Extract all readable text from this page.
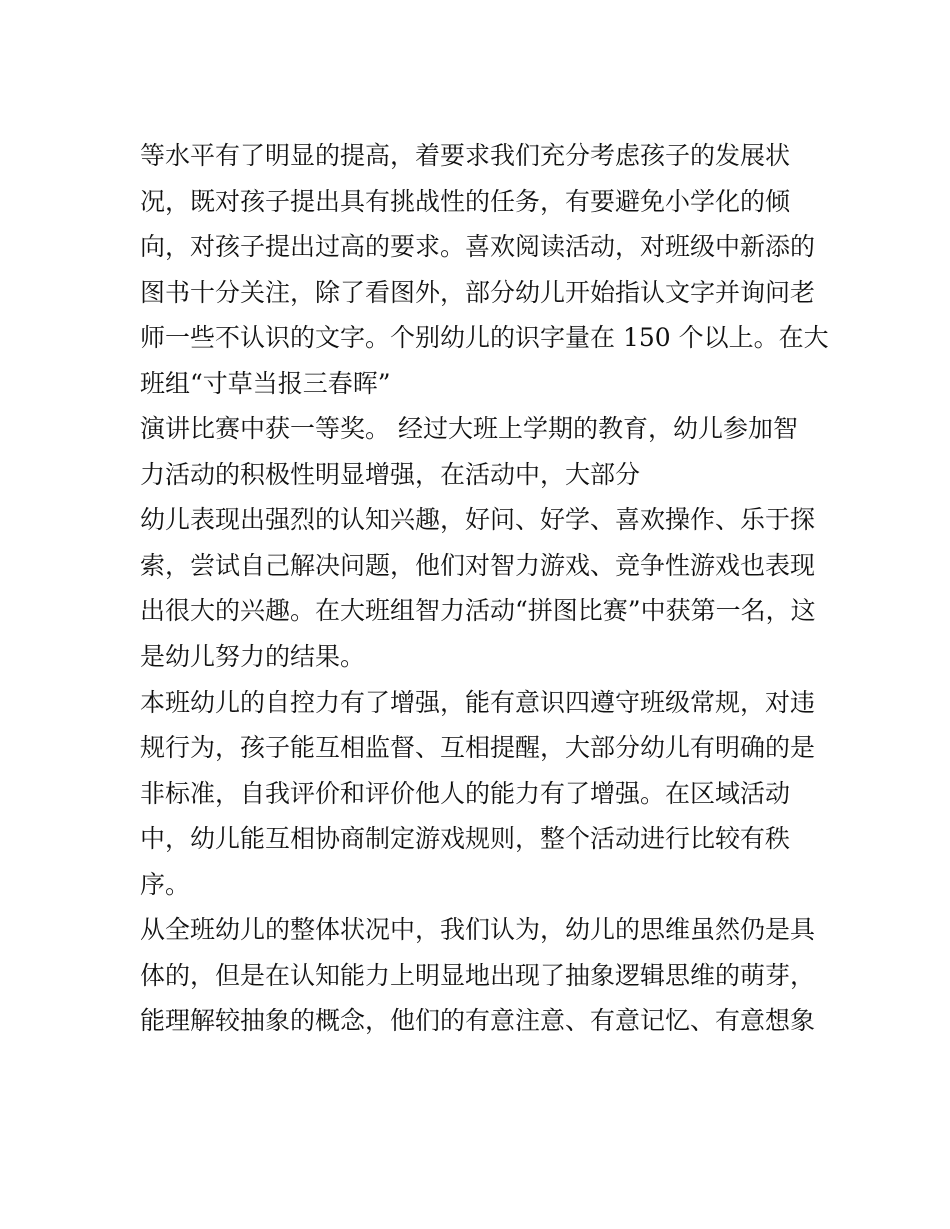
等水平有了明显的提高，着要求我们充分考虑孩子的发展状
况，既对孩子提出具有挑战性的任务，有要避免小学化的倾
向，对孩子提出过高的要求。喜欢阅读活动，对班级中新添的
图书十分关注，除了看图外，部分幼儿开始指认文字并询问老
师一些不认识的文字。个别幼儿的识字量在 150 个以上。在大
班组“寸草当报三春晖”
演讲比赛中获一等奖。 经过大班上学期的教育，幼儿参加智
力活动的积极性明显增强，在活动中，大部分
幼儿表现出强烈的认知兴趣，好问、好学、喜欢操作、乐于探
索，尝试自己解决问题，他们对智力游戏、竞争性游戏也表现
出很大的兴趣。在大班组智力活动“拼图比赛”中获第一名，这
是幼儿努力的结果。
本班幼儿的自控力有了增强，能有意识四遵守班级常规，对违
规行为，孩子能互相监督、互相提醒，大部分幼儿有明确的是
非标准，自我评价和评价他人的能力有了增强。在区域活动
中，幼儿能互相协商制定游戏规则，整个活动进行比较有秩
序。
从全班幼儿的整体状况中，我们认为，幼儿的思维虽然仍是具
体的，但是在认知能力上明显地出现了抽象逻辑思维的萌芽，
能理解较抽象的概念，他们的有意注意、有意记忆、有意想象
